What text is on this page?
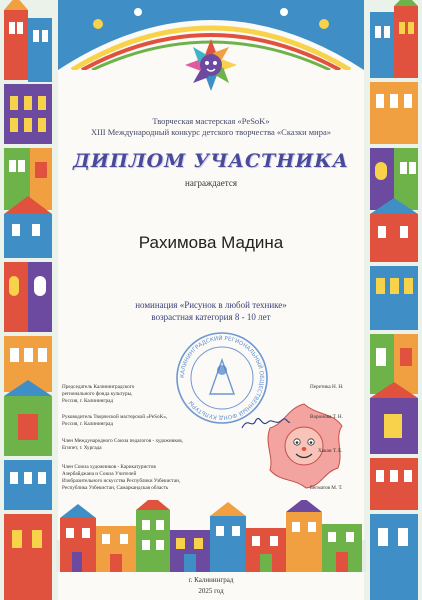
Творческая мастерская «PeSoK»
XIII Международный конкурс детского творчества «Сказки мира»
ДИПЛОМ УЧАСТНИКА
награждается
Рахимова Мадина
номинация «Рисунок в любой технике»
возрастная категория 8 - 10 лет
КАЛИНИНГРАДСКИЙ РЕГИОНАЛЬНЫЙ ОБЩЕСТВЕННЫЙ ФОНД КУЛЬТУРЫ
Председатель Калининградского
регионального фонда культуры,
Россия, г. Калининград
Перетика Н. Н.
Руководитель Творческой мастерской «PeSoK»,
Россия, г. Калининград
Воронова Т. Н.
Член Международного Союза педагогов - художников,
Египет, г. Хургада	Хакан Т. Е.
Член Союза художников - Карикатуристов
Азербайджана и Союза Учителей
Изобразительного искусства Республики Узбекистан,
Республика Узбекистан, Самаркандская область	Бегматов М. Т.
г. Калининград
2025 год
